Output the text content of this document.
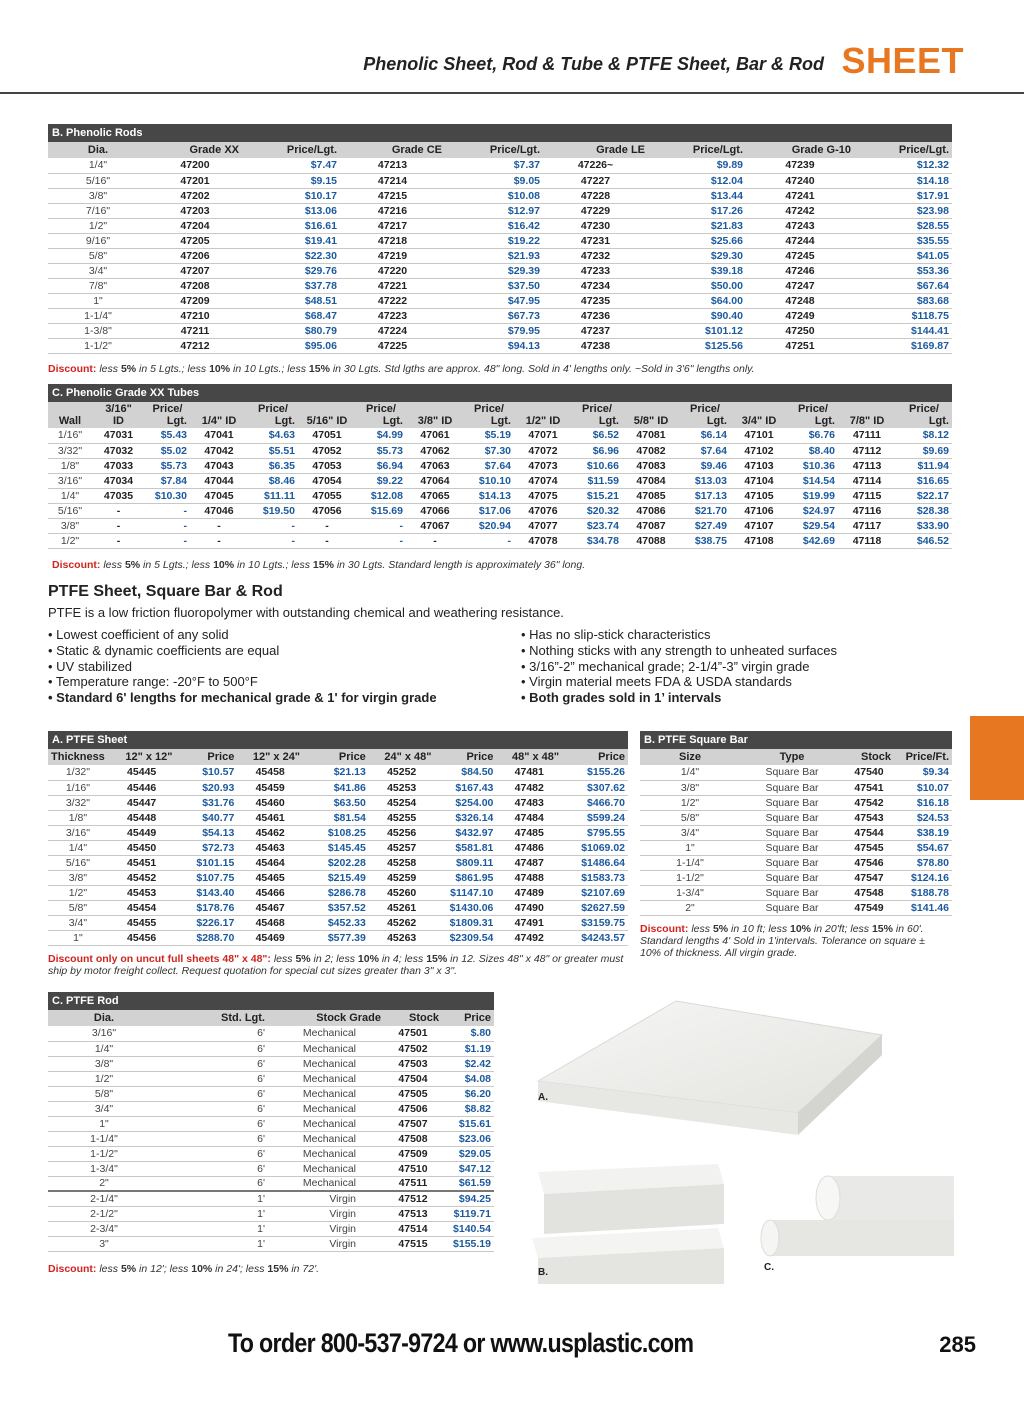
Phenolic Sheet, Rod & Tube & PTFE Sheet, Bar & Rod SHEET
B. Phenolic Rods								
Dia.	Grade XX	Price/Lgt.	Grade CE	Price/Lgt.	Grade LE	Price/Lgt.	Grade G-10	Price/Lgt.
1/4"	47200	$7.47	47213	$7.37	47226~	$9.89	47239	$12.32
5/16"	47201	$9.15	47214	$9.05	47227	$12.04	47240	$14.18
3/8"	47202	$10.17	47215	$10.08	47228	$13.44	47241	$17.91
7/16"	47203	$13.06	47216	$12.97	47229	$17.26	47242	$23.98
1/2"	47204	$16.61	47217	$16.42	47230	$21.83	47243	$28.55
9/16"	47205	$19.41	47218	$19.22	47231	$25.66	47244	$35.55
5/8"	47206	$22.30	47219	$21.93	47232	$29.30	47245	$41.05
3/4"	47207	$29.76	47220	$29.39	47233	$39.18	47246	$53.36
7/8"	47208	$37.78	47221	$37.50	47234	$50.00	47247	$67.64
1"	47209	$48.51	47222	$47.95	47235	$64.00	47248	$83.68
1-1/4"	47210	$68.47	47223	$67.73	47236	$90.40	47249	$118.75
1-3/8"	47211	$80.79	47224	$79.95	47237	$101.12	47250	$144.41
1-1/2"	47212	$95.06	47225	$94.13	47238	$125.56	47251	$169.87
Discount: less 5% in 5 Lgts.; less 10% in 10 Lgts.; less 15% in 30 Lgts. Std lgths are approx. 48" long. Sold in 4' lengths only. ~Sold in 3'6" lengths only.
C. Phenolic Grade XX Tubes																
	3/16"	Price/		Price/		Price/		Price/		Price/		Price/		Price/		Price/
Wall	ID	Lgt.	1/4" ID	Lgt.	5/16" ID	Lgt.	3/8" ID	Lgt.	1/2" ID	Lgt.	5/8" ID	Lgt.	3/4" ID	Lgt.	7/8" ID	Lgt.
1/16"	47031	$5.43	47041	$4.63	47051	$4.99	47061	$5.19	47071	$6.52	47081	$6.14	47101	$6.76	47111	$8.12
3/32"	47032	$5.02	47042	$5.51	47052	$5.73	47062	$7.30	47072	$6.96	47082	$7.64	47102	$8.40	47112	$9.69
1/8"	47033	$5.73	47043	$6.35	47053	$6.94	47063	$7.64	47073	$10.66	47083	$9.46	47103	$10.36	47113	$11.94
3/16"	47034	$7.84	47044	$8.46	47054	$9.22	47064	$10.10	47074	$11.59	47084	$13.03	47104	$14.54	47114	$16.65
1/4"	47035	$10.30	47045	$11.11	47055	$12.08	47065	$14.13	47075	$15.21	47085	$17.13	47105	$19.99	47115	$22.17
5/16"	-	-	47046	$19.50	47056	$15.69	47066	$17.06	47076	$20.32	47086	$21.70	47106	$24.97	47116	$28.38
3/8"	-	-	-	-	-	-	47067	$20.94	47077	$23.74	47087	$27.49	47107	$29.54	47117	$33.90
1/2"	-	-	-	-	-	-	-	-	47078	$34.78	47088	$38.75	47108	$42.69	47118	$46.52
Discount: less 5% in 5 Lgts.; less 10% in 10 Lgts.; less 15% in 30 Lgts. Standard length is approximately 36" long.
PTFE Sheet, Square Bar & Rod
PTFE is a low friction fluoropolymer with outstanding chemical and weathering resistance.
• Lowest coefficient of any solid
• Static & dynamic coefficients are equal
• UV stabilized
• Temperature range: -20°F to 500°F
• Standard 6' lengths for mechanical grade & 1' for virgin grade
• Has no slip-stick characteristics
• Nothing sticks with any strength to unheated surfaces
• 3/16”-2” mechanical grade; 2-1/4”-3” virgin grade
• Virgin material meets FDA & USDA standards
• Both grades sold in 1’ intervals
A. PTFE Sheet								
Thickness	12" x 12"	Price	12" x 24"	Price	24" x 48"	Price	48" x 48"	Price
1/32"	45445	$10.57	45458	$21.13	45252	$84.50	47481	$155.26
1/16"	45446	$20.93	45459	$41.86	45253	$167.43	47482	$307.62
3/32"	45447	$31.76	45460	$63.50	45254	$254.00	47483	$466.70
1/8"	45448	$40.77	45461	$81.54	45255	$326.14	47484	$599.24
3/16"	45449	$54.13	45462	$108.25	45256	$432.97	47485	$795.55
1/4"	45450	$72.73	45463	$145.45	45257	$581.81	47486	$1069.02
5/16"	45451	$101.15	45464	$202.28	45258	$809.11	47487	$1486.64
3/8"	45452	$107.75	45465	$215.49	45259	$861.95	47488	$1583.73
1/2"	45453	$143.40	45466	$286.78	45260	$1147.10	47489	$2107.69
5/8"	45454	$178.76	45467	$357.52	45261	$1430.06	47490	$2627.59
3/4"	45455	$226.17	45468	$452.33	45262	$1809.31	47491	$3159.75
1"	45456	$288.70	45469	$577.39	45263	$2309.54	47492	$4243.57
Discount only on uncut full sheets 48" x 48": less 5% in 2; less 10% in 4; less 15% in 12. Sizes 48" x 48" or greater must ship by motor freight collect. Request quotation for special cut sizes greater than 3" x 3".
B. PTFE Square Bar			
Size	Type	Stock	Price/Ft.
1/4"	Square Bar	47540	$9.34
3/8"	Square Bar	47541	$10.07
1/2"	Square Bar	47542	$16.18
5/8"	Square Bar	47543	$24.53
3/4"	Square Bar	47544	$38.19
1"	Square Bar	47545	$54.67
1-1/4"	Square Bar	47546	$78.80
1-1/2"	Square Bar	47547	$124.16
1-3/4"	Square Bar	47548	$188.78
2"	Square Bar	47549	$141.46
Discount: less 5% in 10 ft; less 10% in 20'ft; less 15% in 60'. Standard lengths 4' Sold in 1'intervals. Tolerance on square ± 10% of thickness. All virgin grade.
C. PTFE Rod				
Dia.	Std. Lgt.	Stock Grade	Stock	Price
3/16"	6'	Mechanical	47501	$.80
1/4"	6'	Mechanical	47502	$1.19
3/8"	6'	Mechanical	47503	$2.42
1/2"	6'	Mechanical	47504	$4.08
5/8"	6'	Mechanical	47505	$6.20
3/4"	6'	Mechanical	47506	$8.82
1"	6'	Mechanical	47507	$15.61
1-1/4"	6'	Mechanical	47508	$23.06
1-1/2"	6'	Mechanical	47509	$29.05
1-3/4"	6'	Mechanical	47510	$47.12
2"	6'	Mechanical	47511	$61.59
2-1/4"	1'	Virgin	47512	$94.25
2-1/2"	1'	Virgin	47513	$119.71
2-3/4"	1'	Virgin	47514	$140.54
3"	1'	Virgin	47515	$155.19
Discount: less 5% in 12'; less 10% in 24'; less 15% in 72'.
A.
B.	C.
To order 800-537-9724 or www.usplastic.com	285
